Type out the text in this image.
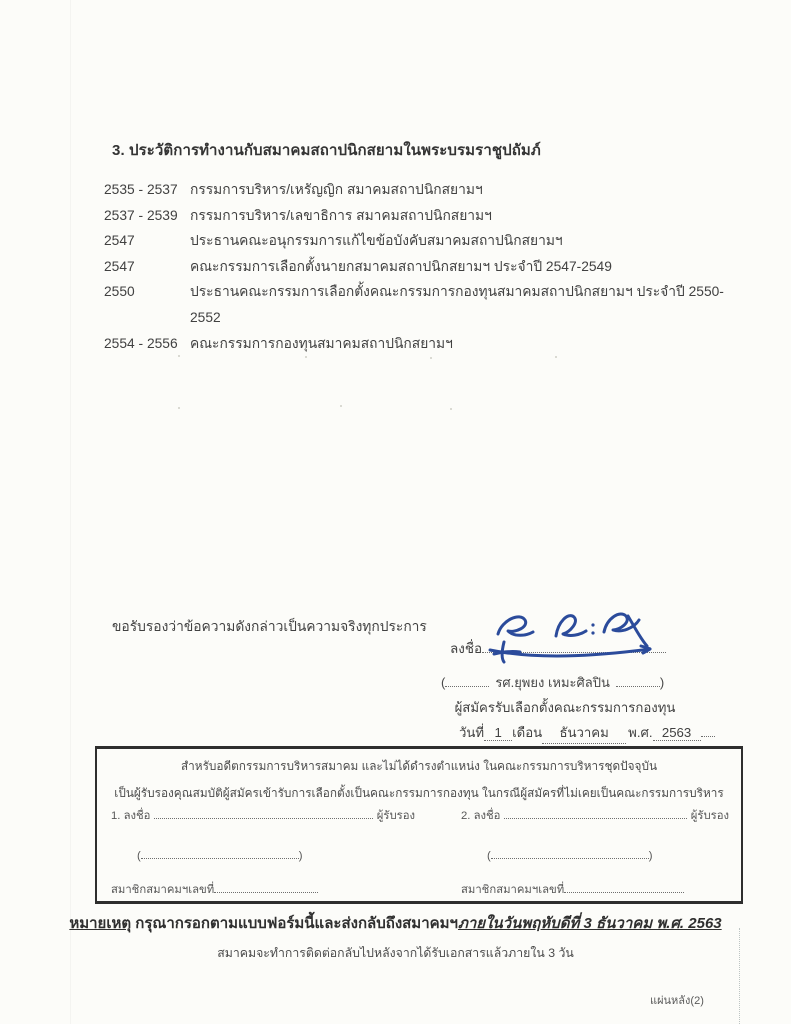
3. ประวัติการทำงานกับสมาคมสถาปนิกสยามในพระบรมราชูปถัมภ์
2535 - 2537 กรรมการบริหาร/เหรัญญิก สมาคมสถาปนิกสยามฯ
2537 - 2539 กรรมการบริหาร/เลขาธิการ สมาคมสถาปนิกสยามฯ
2547	ประธานคณะอนุกรรมการแก้ไขข้อบังคับสมาคมสถาปนิกสยามฯ
2547	คณะกรรมการเลือกตั้งนายกสมาคมสถาปนิกสยามฯ ประจำปี 2547-2549
2550	ประธานคณะกรรมการเลือกตั้งคณะกรรมการกองทุนสมาคมสถาปนิกสยามฯ ประจำปี 2550-2552
2554 - 2556 คณะกรรมการกองทุนสมาคมสถาปนิกสยามฯ
ขอรับรองว่าข้อความดังกล่าวเป็นความจริงทุกประการ
ลงชื่อ
(	รศ.ยุพยง เหมะศิลปิน	)
ผู้สมัครรับเลือกตั้งคณะกรรมการกองทุน
วันที่ 1 เดือน ธันวาคม พ.ศ. 2563
สำหรับอดีตกรรมการบริหารสมาคม และไม่ได้ดำรงตำแหน่ง ในคณะกรรมการบริหารชุดปัจจุบัน
เป็นผู้รับรองคุณสมบัติผู้สมัครเข้ารับการเลือกตั้งเป็นคณะกรรมการกองทุน ในกรณีผู้สมัครที่ไม่เคยเป็นคณะกรรมการบริหาร
1.
ลงชื่อ	ผู้รับรอง
(	)
สมาชิกสมาคมฯเลขที่
2.
ลงชื่อ	ผู้รับรอง
(	)
สมาชิกสมาคมฯเลขที่
หมายเหตุ กรุณากรอกตามแบบฟอร์มนี้และส่งกลับถึงสมาคมฯภายในวันพฤหับดีที่ 3 ธันวาคม พ.ศ. 2563
สมาคมจะทำการติดต่อกลับไปหลังจากได้รับเอกสารแล้วภายใน 3 วัน
แผ่นหลัง(2)
